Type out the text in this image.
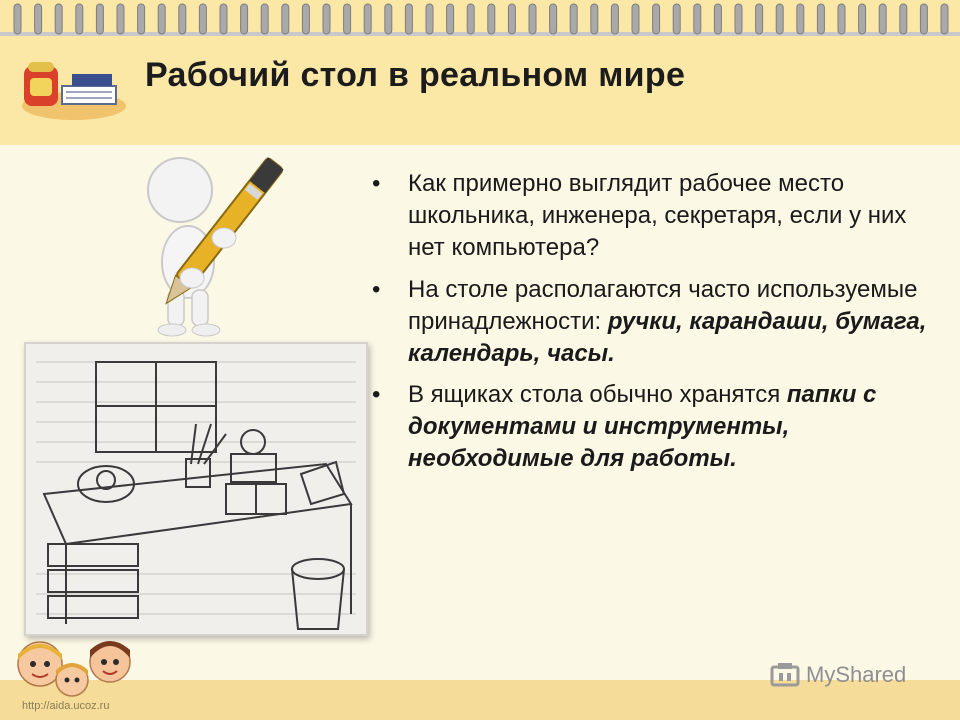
Рабочий стол в реальном мире
• Как примерно выглядит рабочее место школьника, инженера, секретаря, если у них нет компьютера?
• На столе располагаются часто используемые принадлежности: ручки, карандаши, бумага, календарь, часы.
• В ящиках стола обычно хранятся папки с документами и инструменты, необходимые для работы.
http://aida.ucoz.ru
MyShared
